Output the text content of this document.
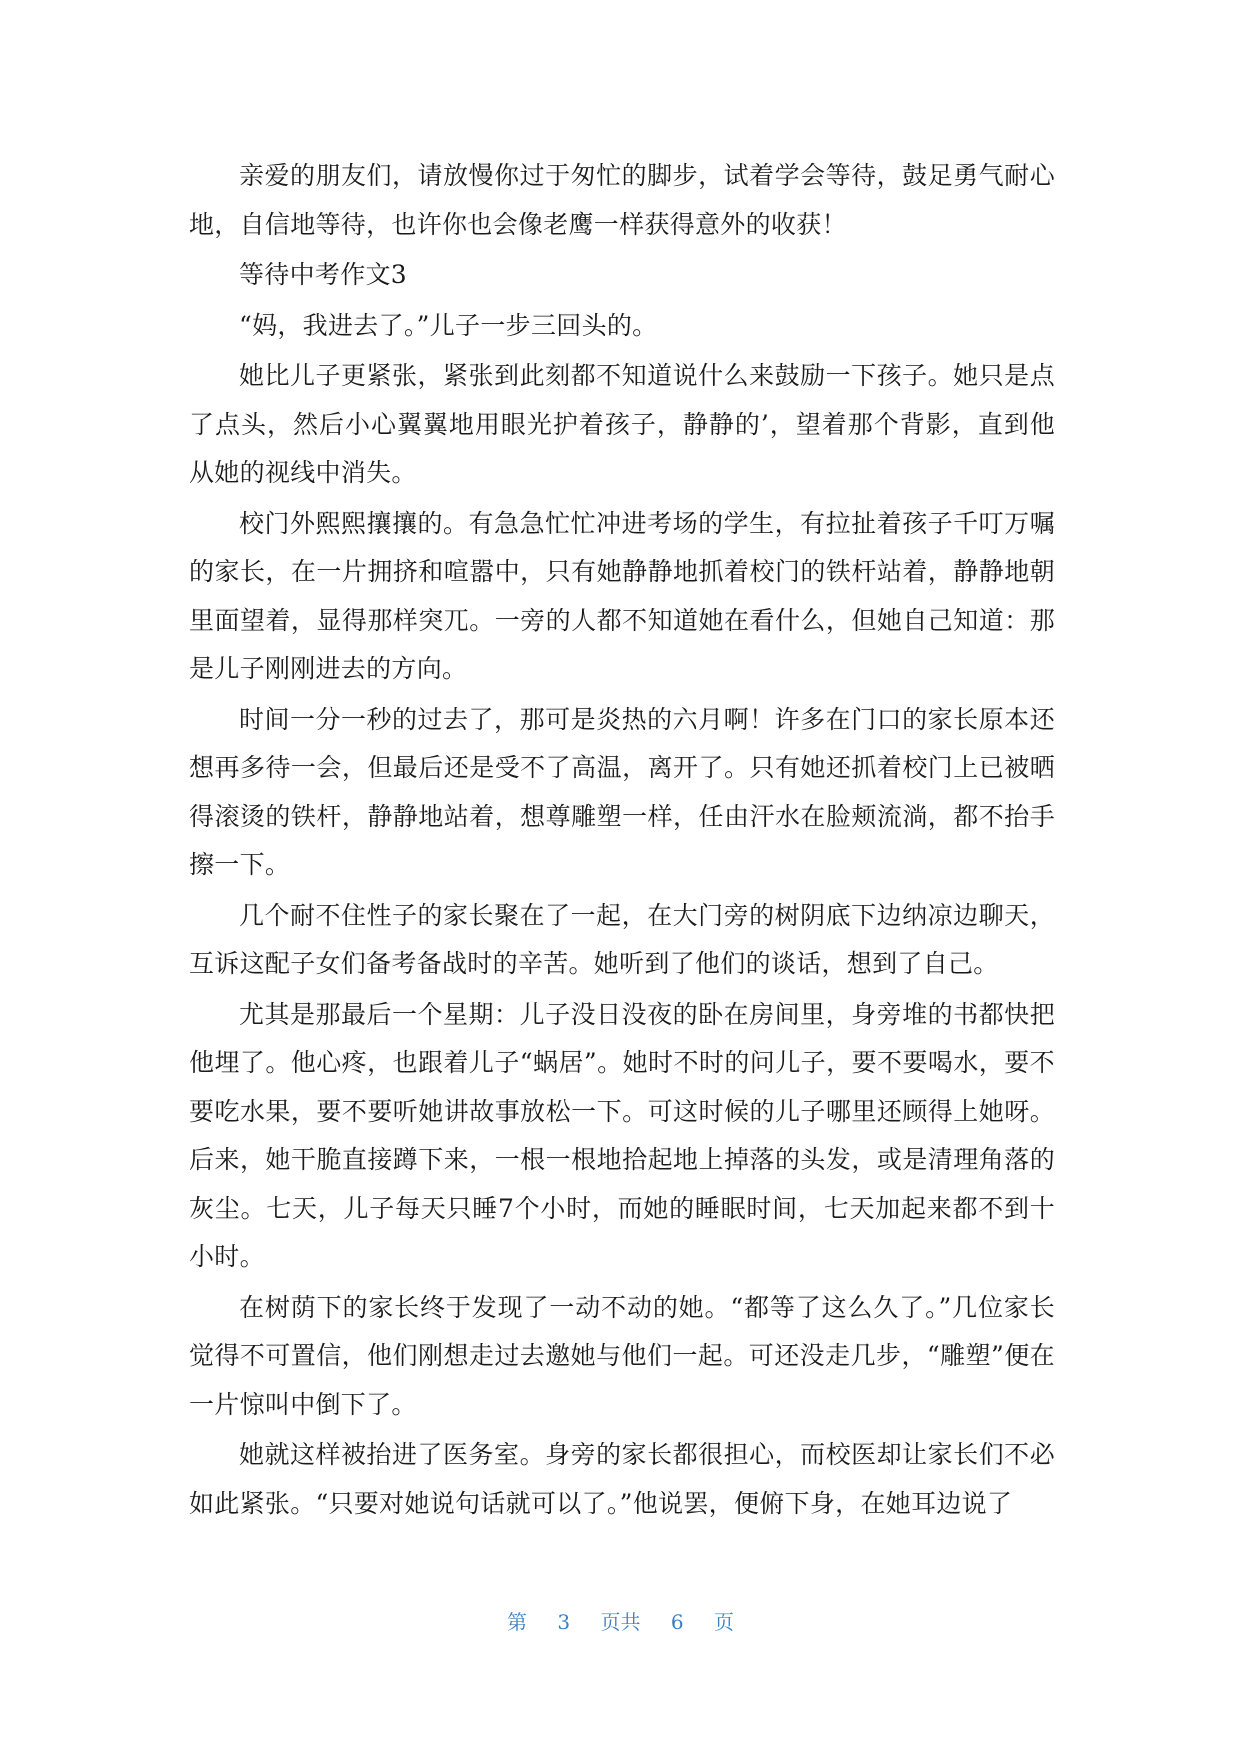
亲爱的朋友们，请放慢你过于匆忙的脚步，试着学会等待，鼓足勇气耐心地，自信地等待，也许你也会像老鹰一样获得意外的收获！

等待中考作文3

“妈，我进去了。”儿子一步三回头的。

她比儿子更紧张，紧张到此刻都不知道说什么来鼓励一下孩子。她只是点了点头，然后小心翼翼地用眼光护着孩子，静静的’，望着那个背影，直到他从她的视线中消失。

校门外熙熙攘攘的。有急急忙忙冲进考场的学生，有拉扯着孩子千叮万嘱的家长，在一片拥挤和喧嚣中，只有她静静地抓着校门的铁杆站着，静静地朝里面望着，显得那样突兀。一旁的人都不知道她在看什么，但她自己知道：那是儿子刚刚进去的方向。

时间一分一秒的过去了，那可是炎热的六月啊！许多在门口的家长原本还想再多待一会，但最后还是受不了高温，离开了。只有她还抓着校门上已被晒得滚烫的铁杆，静静地站着，想尊雕塑一样，任由汗水在脸颊流淌，都不抬手擦一下。

几个耐不住性子的家长聚在了一起，在大门旁的树阴底下边纳凉边聊天，互诉这配子女们备考备战时的辛苦。她听到了他们的谈话，想到了自己。

尤其是那最后一个星期：儿子没日没夜的卧在房间里，身旁堆的书都快把他埋了。他心疼，也跟着儿子“蜗居”。她时不时的问儿子，要不要喝水，要不要吃水果，要不要听她讲故事放松一下。可这时候的儿子哪里还顾得上她呀。后来，她干脆直接蹲下来，一根一根地拾起地上掉落的头发，或是清理角落的灰尘。七天，儿子每天只睡7个小时，而她的睡眠时间，七天加起来都不到十小时。

在树荫下的家长终于发现了一动不动的她。“都等了这么久了。”几位家长觉得不可置信，他们刚想走过去邀她与他们一起。可还没走几步，“雕塑”便在一片惊叫中倒下了。

她就这样被抬进了医务室。身旁的家长都很担心，而校医却让家长们不必如此紧张。“只要对她说句话就可以了。”他说罢，便俯下身，在她耳边说了

第 3 页共 6 页
